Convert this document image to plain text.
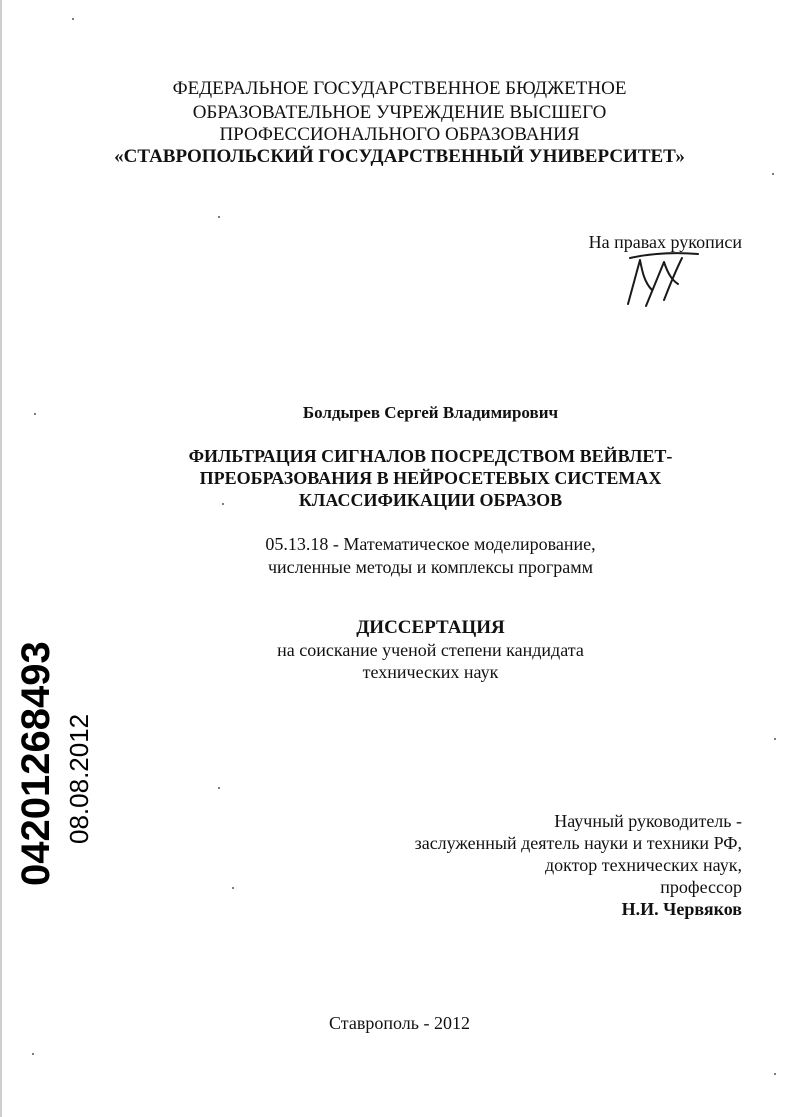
ФЕДЕРАЛЬНОЕ ГОСУДАРСТВЕННОЕ БЮДЖЕТНОЕ
ОБРАЗОВАТЕЛЬНОЕ УЧРЕЖДЕНИЕ ВЫСШЕГО
ПРОФЕССИОНАЛЬНОГО ОБРАЗОВАНИЯ
«СТАВРОПОЛЬСКИЙ ГОСУДАРСТВЕННЫЙ УНИВЕРСИТЕТ»
На правах рукописи
Болдырев Сергей Владимирович
ФИЛЬТРАЦИЯ СИГНАЛОВ ПОСРЕДСТВОМ ВЕЙВЛЕТ-
ПРЕОБРАЗОВАНИЯ В НЕЙРОСЕТЕВЫХ СИСТЕМАХ
КЛАССИФИКАЦИИ ОБРАЗОВ
05.13.18 - Математическое моделирование,
численные методы и комплексы программ
ДИССЕРТАЦИЯ
на соискание ученой степени кандидата
технических наук
Научный руководитель -
заслуженный деятель науки и техники РФ,
доктор технических наук,
профессор
Н.И. Червяков
Ставрополь - 2012
04201268493 08.08.2012
